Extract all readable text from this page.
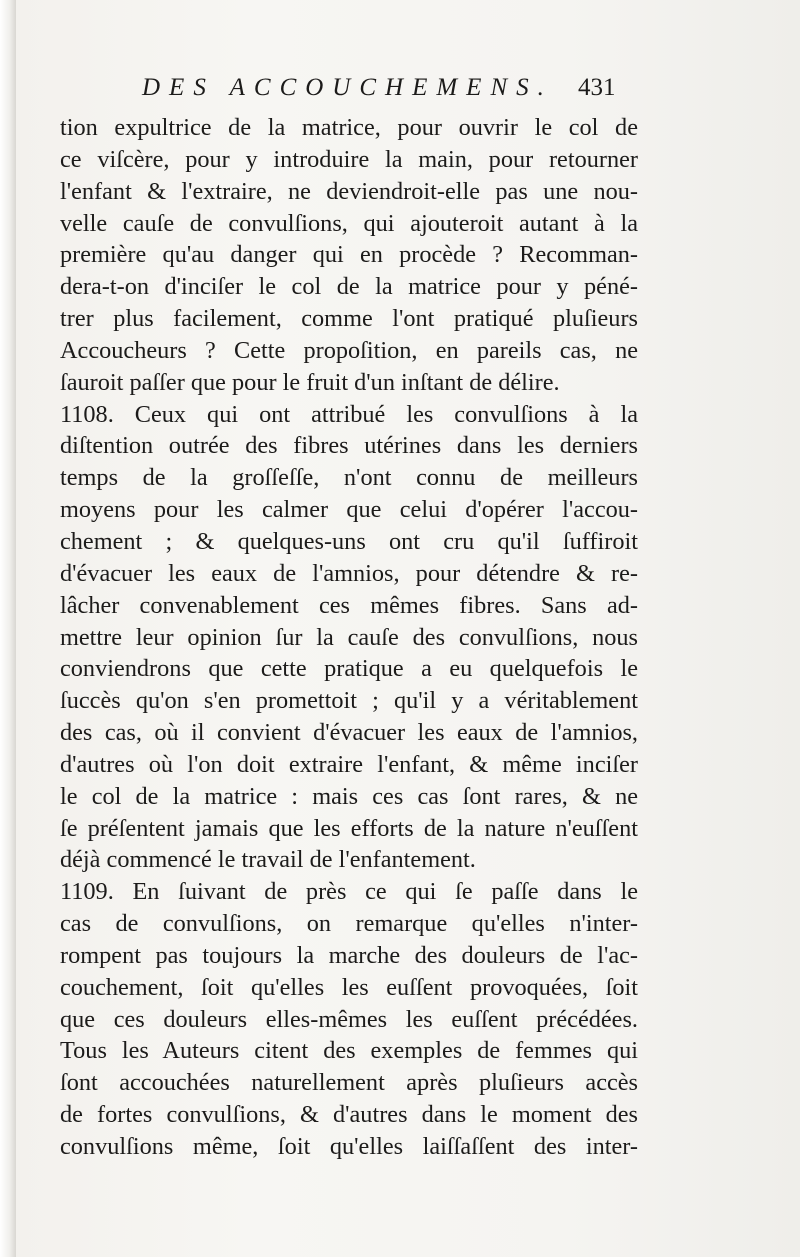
DES ACCOUCHEMENS. 431
tion expultrice de la matrice, pour ouvrir le col de
ce viſcère, pour y introduire la main, pour retourner
l'enfant & l'extraire, ne deviendroit-elle pas une nou-
velle cauſe de convulſions, qui ajouteroit autant à la
première qu'au danger qui en procède ? Recomman-
dera-t-on d'inciſer le col de la matrice pour y péné-
trer plus facilement, comme l'ont pratiqué pluſieurs
Accoucheurs ? Cette propoſition, en pareils cas, ne
ſauroit paſſer que pour le fruit d'un inſtant de délire.
1108. Ceux qui ont attribué les convulſions à la
diſtention outrée des fibres utérines dans les derniers
temps de la groſſeſſe, n'ont connu de meilleurs
moyens pour les calmer que celui d'opérer l'accou-
chement ; & quelques-uns ont cru qu'il ſuffiroit
d'évacuer les eaux de l'amnios, pour détendre & re-
lâcher convenablement ces mêmes fibres. Sans ad-
mettre leur opinion ſur la cauſe des convulſions, nous
conviendrons que cette pratique a eu quelquefois le
ſuccès qu'on s'en promettoit ; qu'il y a véritablement
des cas, où il convient d'évacuer les eaux de l'amnios,
d'autres où l'on doit extraire l'enfant, & même inciſer
le col de la matrice : mais ces cas ſont rares, & ne
ſe préſentent jamais que les efforts de la nature n'euſſent
déjà commencé le travail de l'enfantement.
1109. En ſuivant de près ce qui ſe paſſe dans le
cas de convulſions, on remarque qu'elles n'inter-
rompent pas toujours la marche des douleurs de l'ac-
couchement, ſoit qu'elles les euſſent provoquées, ſoit
que ces douleurs elles-mêmes les euſſent précédées.
Tous les Auteurs citent des exemples de femmes qui
ſont accouchées naturellement après pluſieurs accès
de fortes convulſions, & d'autres dans le moment des
convulſions même, ſoit qu'elles laiſſaſſent des inter-
